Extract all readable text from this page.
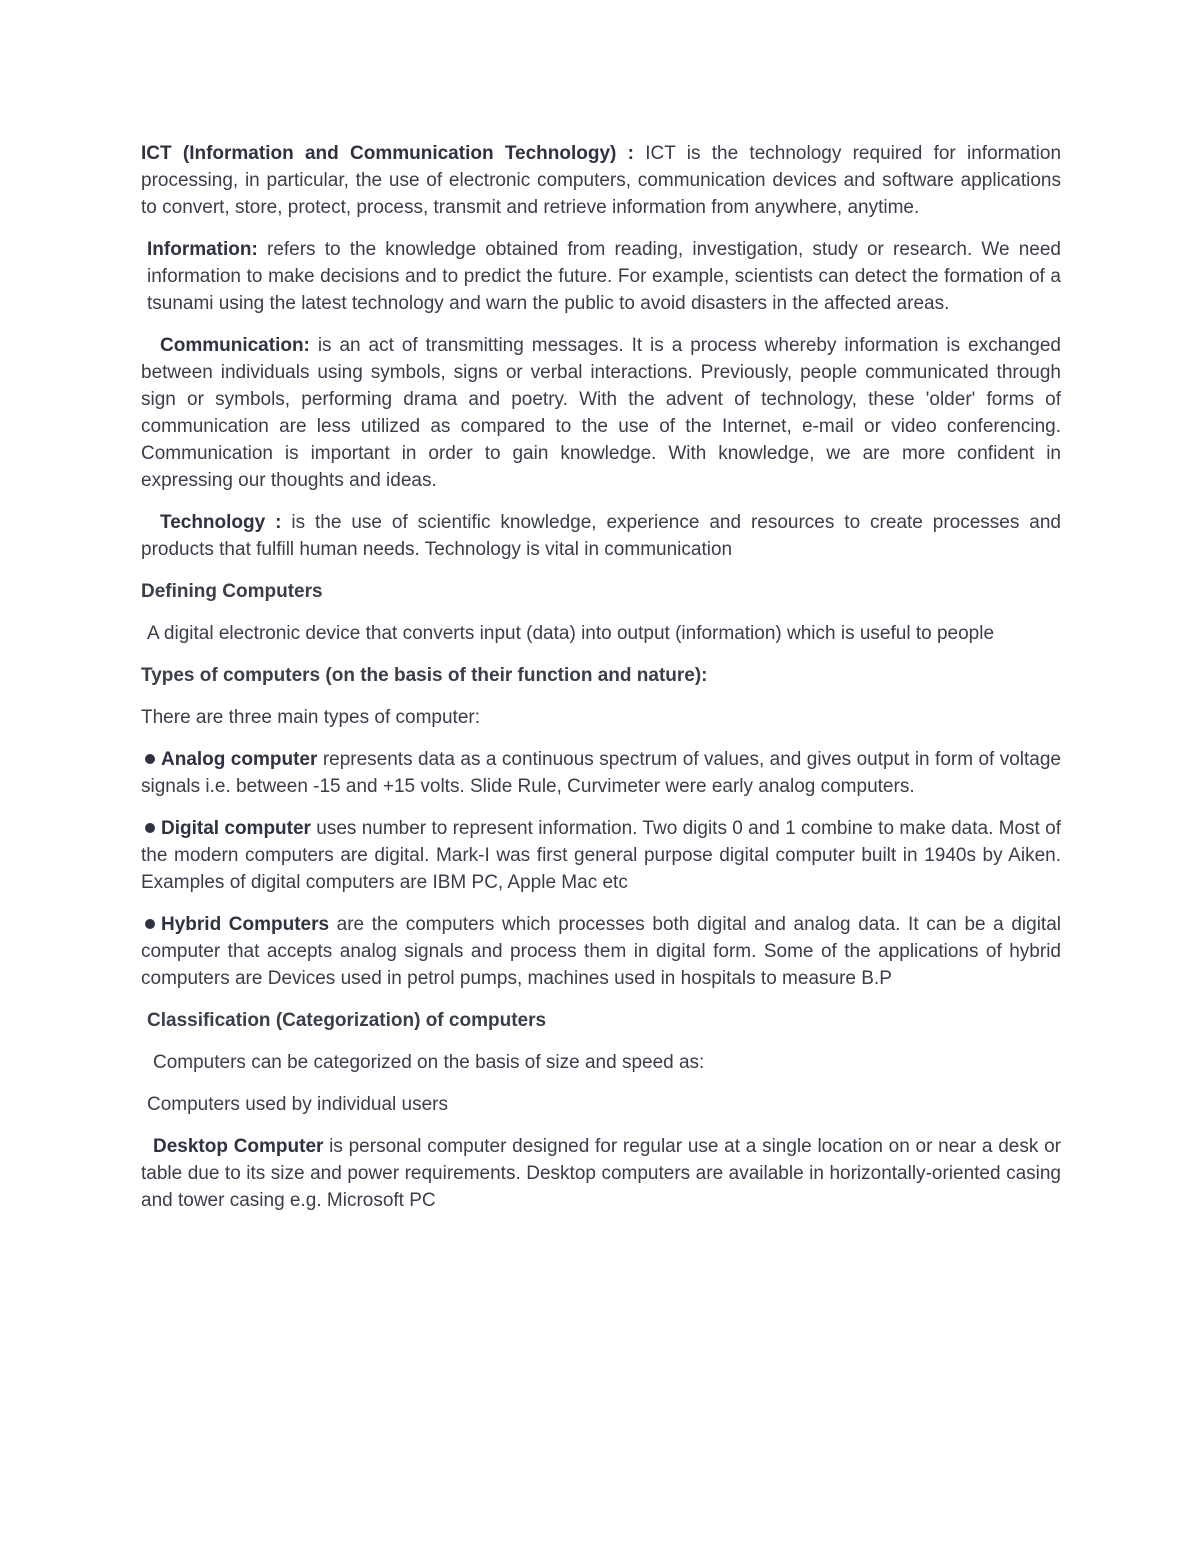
ICT (Information and Communication Technology) : ICT is the technology required for information processing, in particular, the use of electronic computers, communication devices and software applications to convert, store, protect, process, transmit and retrieve information from anywhere, anytime.

Information: refers to the knowledge obtained from reading, investigation, study or research. We need information to make decisions and to predict the future. For example, scientists can detect the formation of a tsunami using the latest technology and warn the public to avoid disasters in the affected areas.

Communication: is an act of transmitting messages. It is a process whereby information is exchanged between individuals using symbols, signs or verbal interactions. Previously, people communicated through sign or symbols, performing drama and poetry. With the advent of technology, these 'older' forms of communication are less utilized as compared to the use of the Internet, e-mail or video conferencing. Communication is important in order to gain knowledge. With knowledge, we are more confident in expressing our thoughts and ideas.

Technology : is the use of scientific knowledge, experience and resources to create processes and products that fulfill human needs. Technology is vital in communication

Defining Computers

A digital electronic device that converts input (data) into output (information) which is useful to people

Types of computers (on the basis of their function and nature):

There are three main types of computer:

Analog computer represents data as a continuous spectrum of values, and gives output in form of voltage signals i.e. between -15 and +15 volts. Slide Rule, Curvimeter were early analog computers.

Digital computer uses number to represent information. Two digits 0 and 1 combine to make data. Most of the modern computers are digital. Mark-I was first general purpose digital computer built in 1940s by Aiken. Examples of digital computers are IBM PC, Apple Mac etc

Hybrid Computers are the computers which processes both digital and analog data. It can be a digital computer that accepts analog signals and process them in digital form. Some of the applications of hybrid computers are Devices used in petrol pumps, machines used in hospitals to measure B.P

Classification (Categorization) of computers

Computers can be categorized on the basis of size and speed as:

Computers used by individual users

Desktop Computer is personal computer designed for regular use at a single location on or near a desk or table due to its size and power requirements. Desktop computers are available in horizontally-oriented casing and tower casing e.g. Microsoft PC
